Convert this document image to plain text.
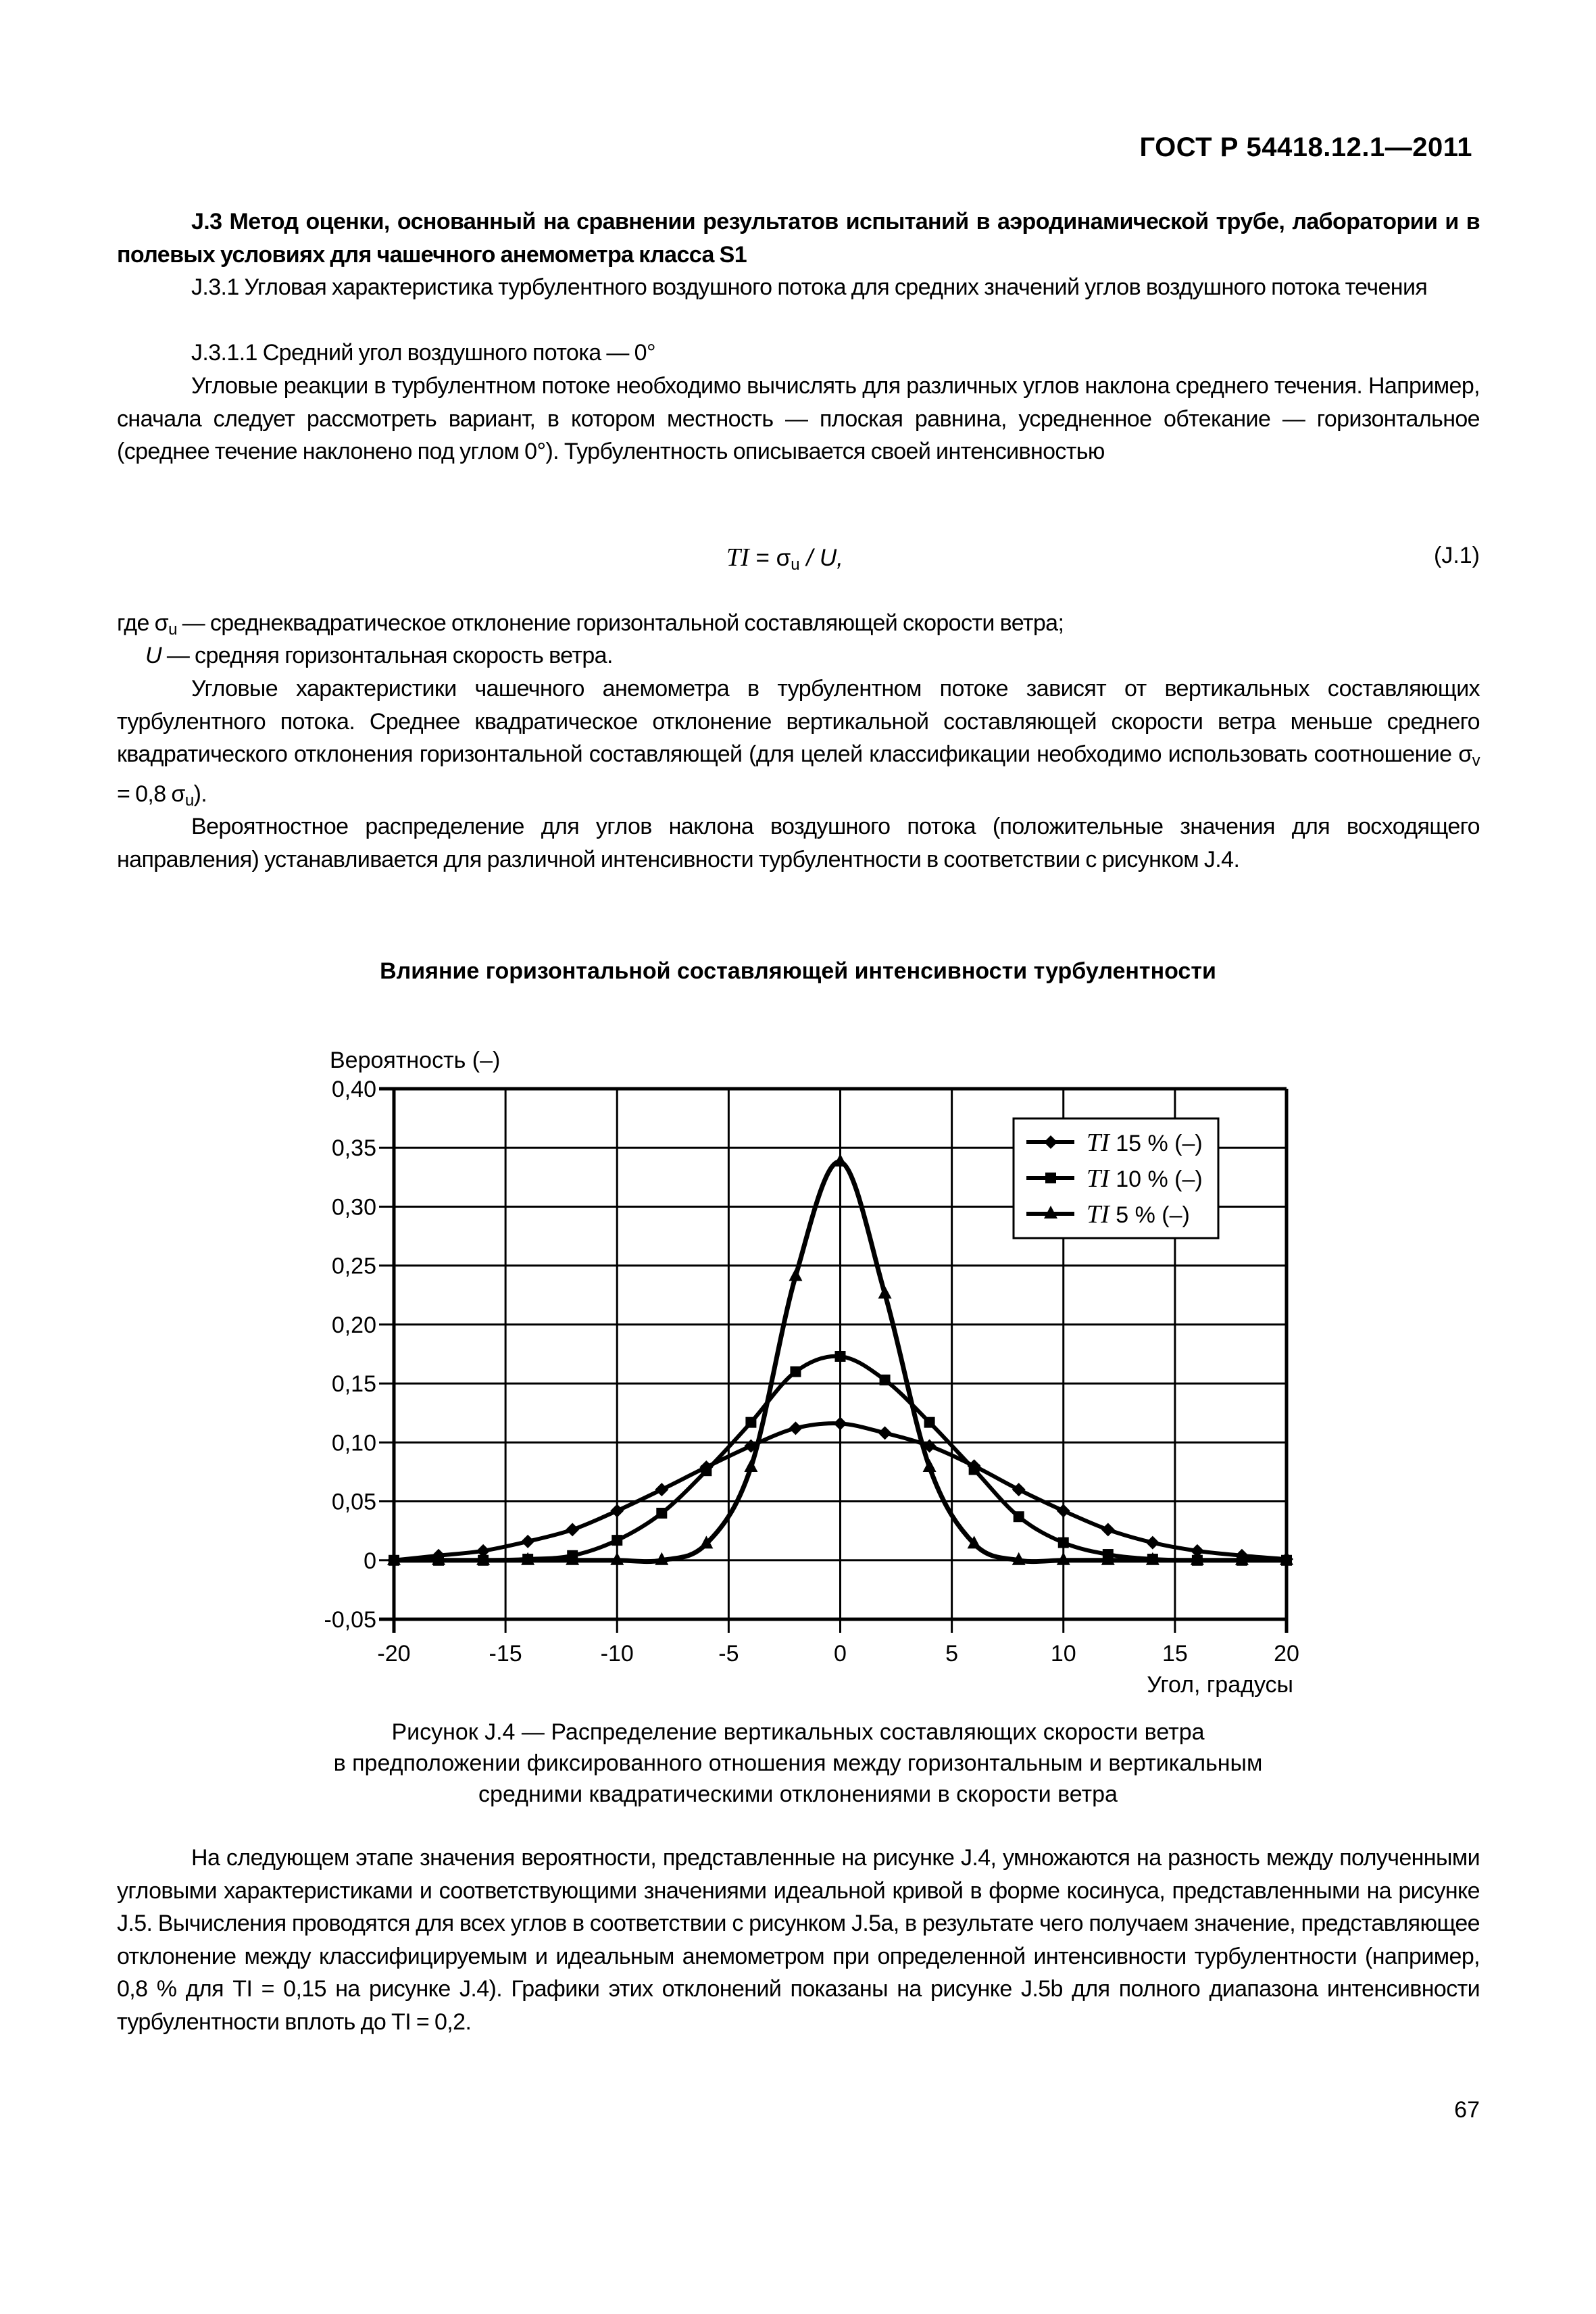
ГОСТ Р 54418.12.1—2011
J.3 Метод оценки, основанный на сравнении результатов испытаний в аэродинамической трубе, лаборатории и в полевых условиях для чашечного анемометра класса S1
J.3.1 Угловая характеристика турбулентного воздушного потока для средних значений углов воздушного потока течения
J.3.1.1 Средний угол воздушного потока — 0°
Угловые реакции в турбулентном потоке необходимо вычислять для различных углов наклона среднего течения. Например, сначала следует рассмотреть вариант, в котором местность — плоская равнина, усредненное обтекание — горизонтальное (среднее течение наклонено под углом 0°). Турбулентность описывается своей интенсивностью
TI = $\sigma_u$ / U,	(J.1)
где $\sigma_u$ — среднеквадратическое отклонение горизонтальной составляющей скорости ветра;
U — средняя горизонтальная скорость ветра.
Угловые характеристики чашечного анемометра в турбулентном потоке зависят от вертикальных составляющих турбулентного потока. Среднее квадратическое отклонение вертикальной составляющей скорости ветра меньше среднего квадратического отклонения горизонтальной составляющей (для целей классификации необходимо использовать соотношение $\sigma_v = 0,8$ $\sigma_u$).
Вероятностное распределение для углов наклона воздушного потока (положительные значения для восходящего направления) устанавливается для различной интенсивности турбулентности в соответствии с рисунком J.4.
Влияние горизонтальной составляющей интенсивности турбулентности
-0,05
0
0,05
0,10
0,15
0,20
0,25
0,30
0,35
0,40
-20	-15	-10	-5	0	5	10	15	20
Вероятность (–)
Угол, градусы
TI 15 % (–)
TI 10 % (–)
TI 5 % (–)
Рисунок J.4 — Распределение вертикальных составляющих скорости ветра
в предположении фиксированного отношения между горизонтальным и вертикальным
средними квадратическими отклонениями в скорости ветра
На следующем этапе значения вероятности, представленные на рисунке J.4, умножаются на разность между полученными угловыми характеристиками и соответствующими значениями идеальной кривой в форме косинуса, представленными на рисунке J.5. Вычисления проводятся для всех углов в соответствии с рисунком J.5a, в результате чего получаем значение, представляющее отклонение между классифицируемым и идеальным анемометром при определенной интенсивности турбулентности (например, 0,8 % для TI = 0,15 на рисунке J.4). Графики этих отклонений показаны на рисунке J.5b для полного диапазона интенсивности турбулентности вплоть до TI = 0,2.
67
